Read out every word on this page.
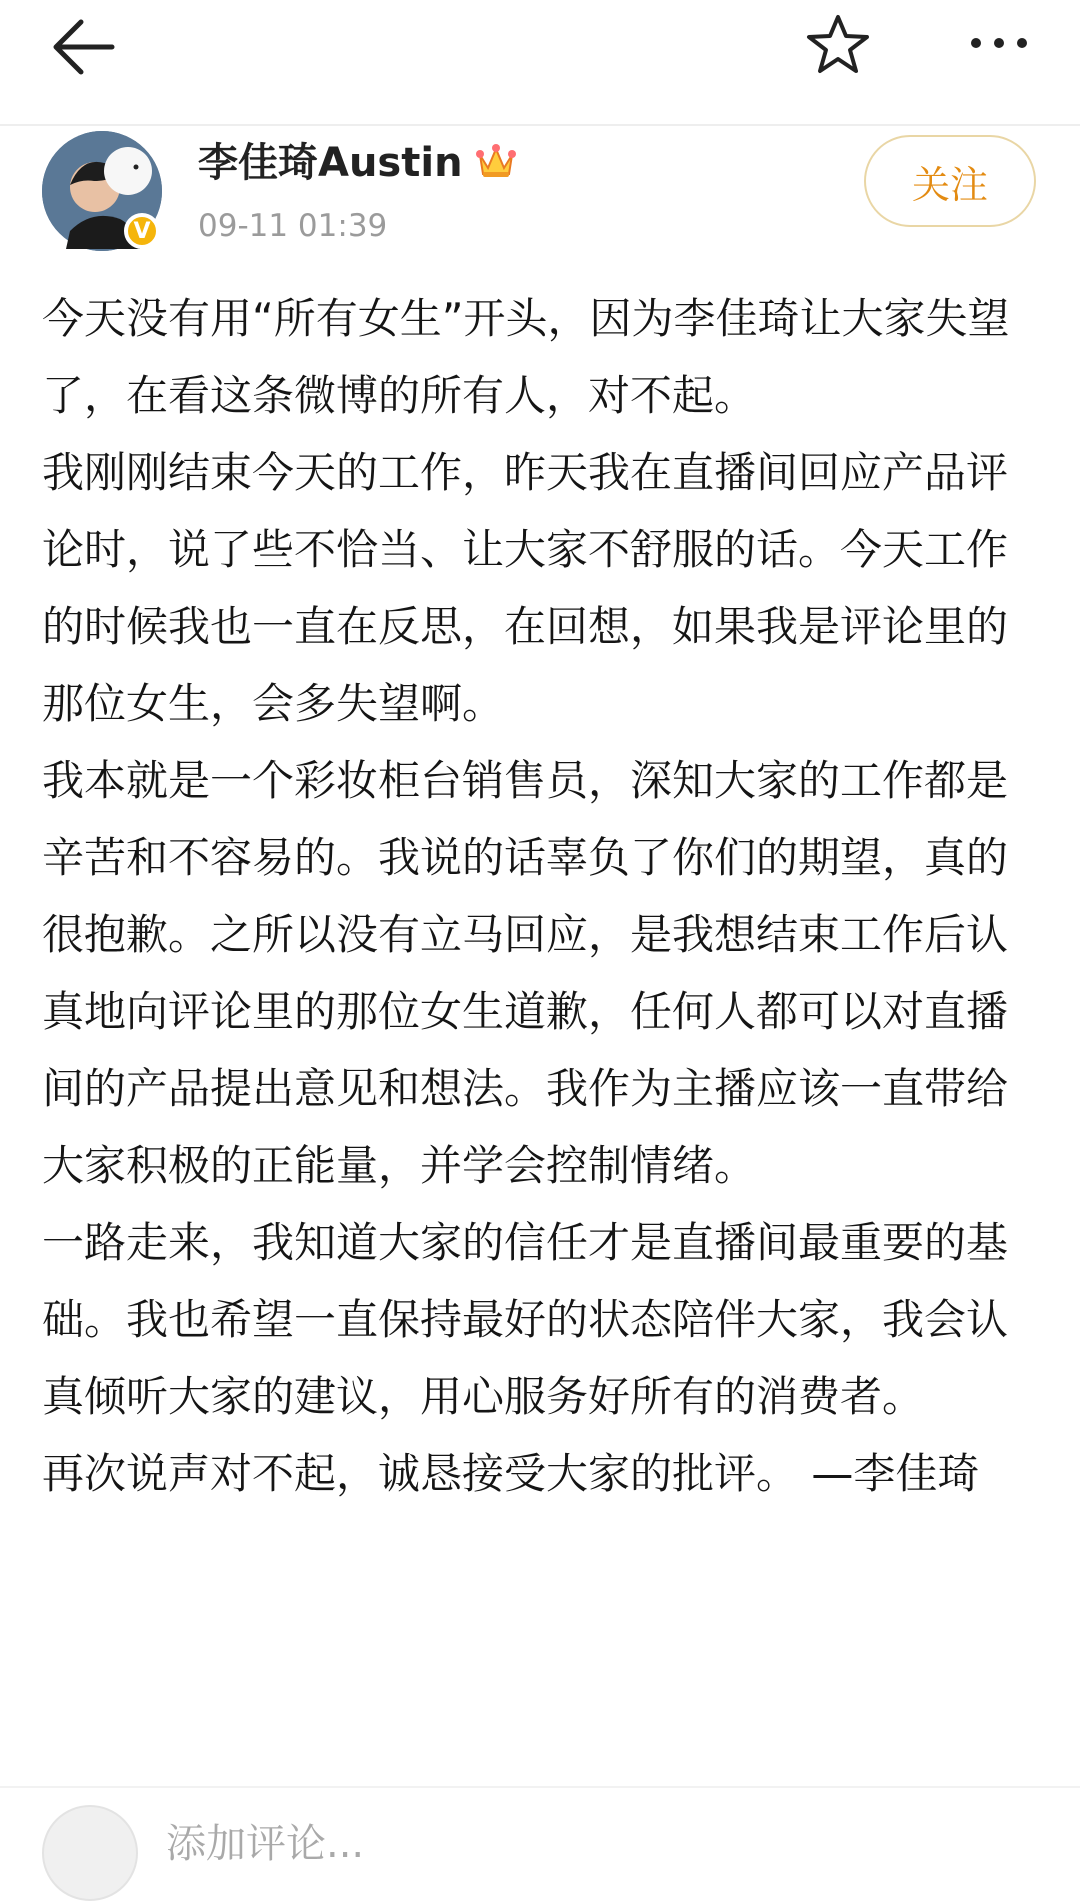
V
李佳琦Austin
09-11 01:39
关注

今天没有用“所有女生”开头，因为李佳琦让大家失望了，在看这条微博的所有人，对不起。

我刚刚结束今天的工作，昨天我在直播间回应产品评论时，说了些不恰当、让大家不舒服的话。今天工作的时候我也一直在反思，在回想，如果我是评论里的那位女生，会多失望啊。

我本就是一个彩妆柜台销售员，深知大家的工作都是辛苦和不容易的。我说的话辜负了你们的期望，真的很抱歉。之所以没有立马回应，是我想结束工作后认真地向评论里的那位女生道歉，任何人都可以对直播间的产品提出意见和想法。我作为主播应该一直带给大家积极的正能量，并学会控制情绪。

一路走来，我知道大家的信任才是直播间最重要的基础。我也希望一直保持最好的状态陪伴大家，我会认真倾听大家的建议，用心服务好所有的消费者。

再次说声对不起，诚恳接受大家的批评。 —李佳琦

添加评论...
